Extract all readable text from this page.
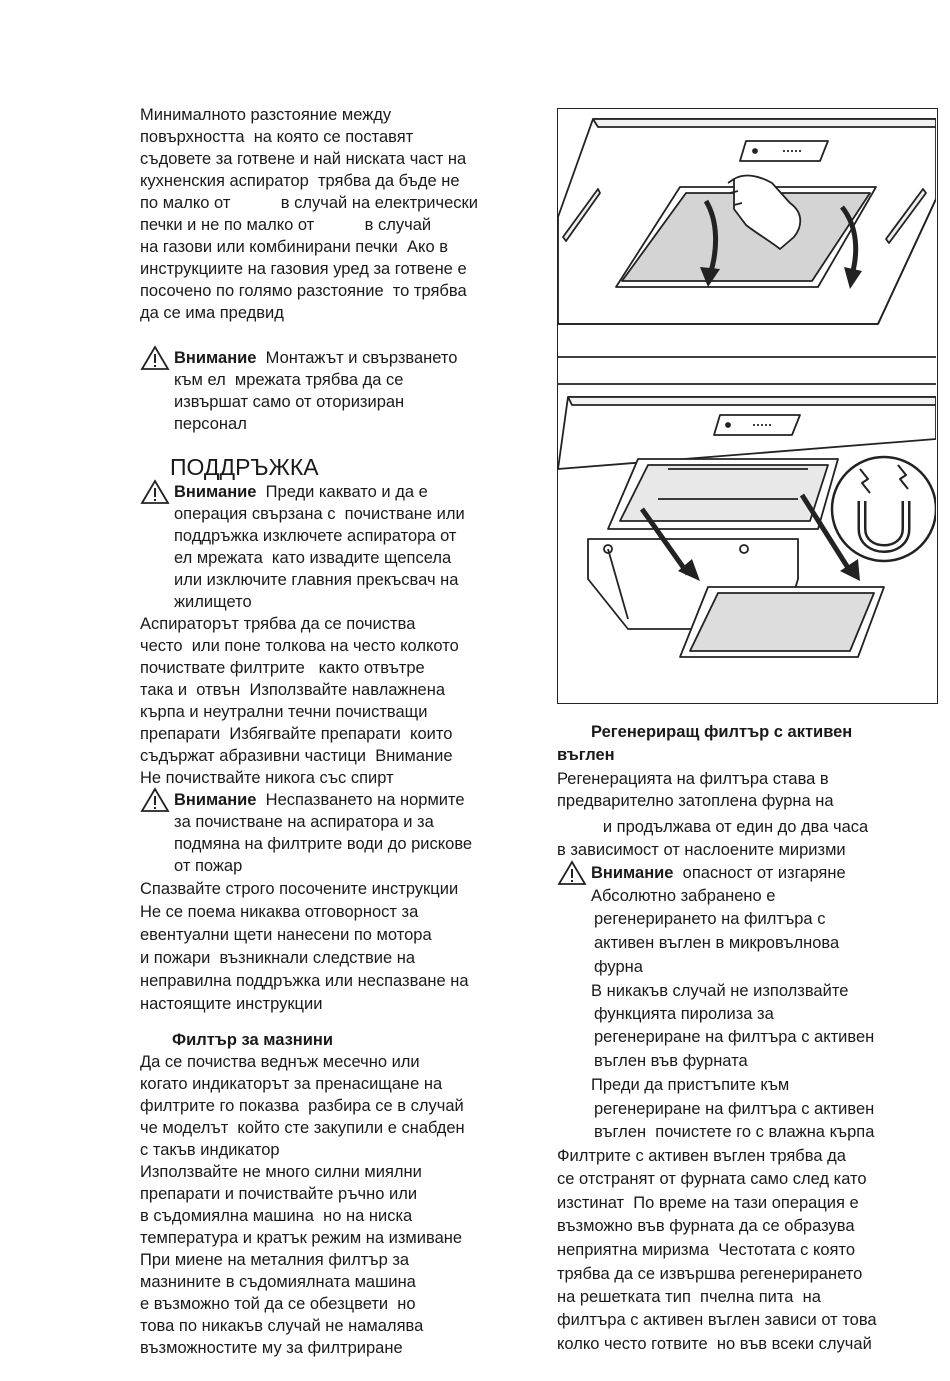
Минималното разстояние между
повърхността  на която се поставят
съдовете за готвене и най ниската част на
кухненския аспиратор  трябва да бъде не
по малко от           в случай на електрически
печки и не по малко от           в случай
на газови или комбинирани печки  Ако в
инструкциите на газовия уред за готвене е
посочено по голямо разстояние  то трябва
да се има предвид
Внимание  Монтажът и свързването
към ел  мрежата трябва да се
извършат само от оторизиран
персонал
ПОДДРЪЖКА
Внимание  Преди каквато и да е
операция свързана с  почистване или
поддръжка изключете аспиратора от
ел мрежата  като извадите щепсела
или изключите главния прекъсвач на
жилището
Аспираторът трябва да се почиства
често  или поне толкова на често колкото
почиствате филтрите   както отвътре
така и  отвън  Използвайте навлажнена
кърпа и неутрални течни почистващи
препарати  Избягвайте препарати  които
съдържат абразивни частици  Внимание
Не почиствайте никога със спирт
Внимание  Неспазването на нормите
за почистване на аспиратора и за
подмяна на филтрите води до рискове
от пожар
Спазвайте строго посочените инструкции
Не се поема никаква отговорност за
евентуални щети нанесени по мотора
и пожари  възникнали следствие на
неправилна поддръжка или неспазване на
настоящите инструкции
Филтър за мазнини
Да се почиства веднъж месечно или
когато индикаторът за пренасищане на
филтрите го показва  разбира се в случай
че моделът  който сте закупили е снабден
с такъв индикатор
Използвайте не много силни миялни
препарати и почиствайте ръчно или
в съдомиялна машина  но на ниска
температура и кратък режим на измиване
При миене на металния филтър за
мазнините в съдомиялната машина
е възможно той да се обезцвети  но
това по никакъв случай не намалява
възможностите му за филтриране
Регенериращ филтър с активен
въглен
Регенерацията на филтъра става в
предварително затоплена фурна на
и продължава от един до два часа
в зависимост от наслоените миризми
Внимание  опасност от изгаряне
Абсолютно забранено е
регенерирането на филтъра с
активен въглен в микровълнова
фурна
В никакъв случай не използвайте
функцията пиролиза за
регенериране на филтъра с активен
въглен във фурната
Преди да пристъпите към
регенериране на филтъра с активен
въглен  почистете го с влажна кърпа
Филтрите с активен въглен трябва да
се отстранят от фурната само след като
изстинат  По време на тази операция е
възможно във фурната да се образува
неприятна миризма  Честотата с която
трябва да се извършва регенерирането
на решетката тип  пчелна пита  на
филтъра с активен въглен зависи от това
колко често готвите  но във всеки случай
